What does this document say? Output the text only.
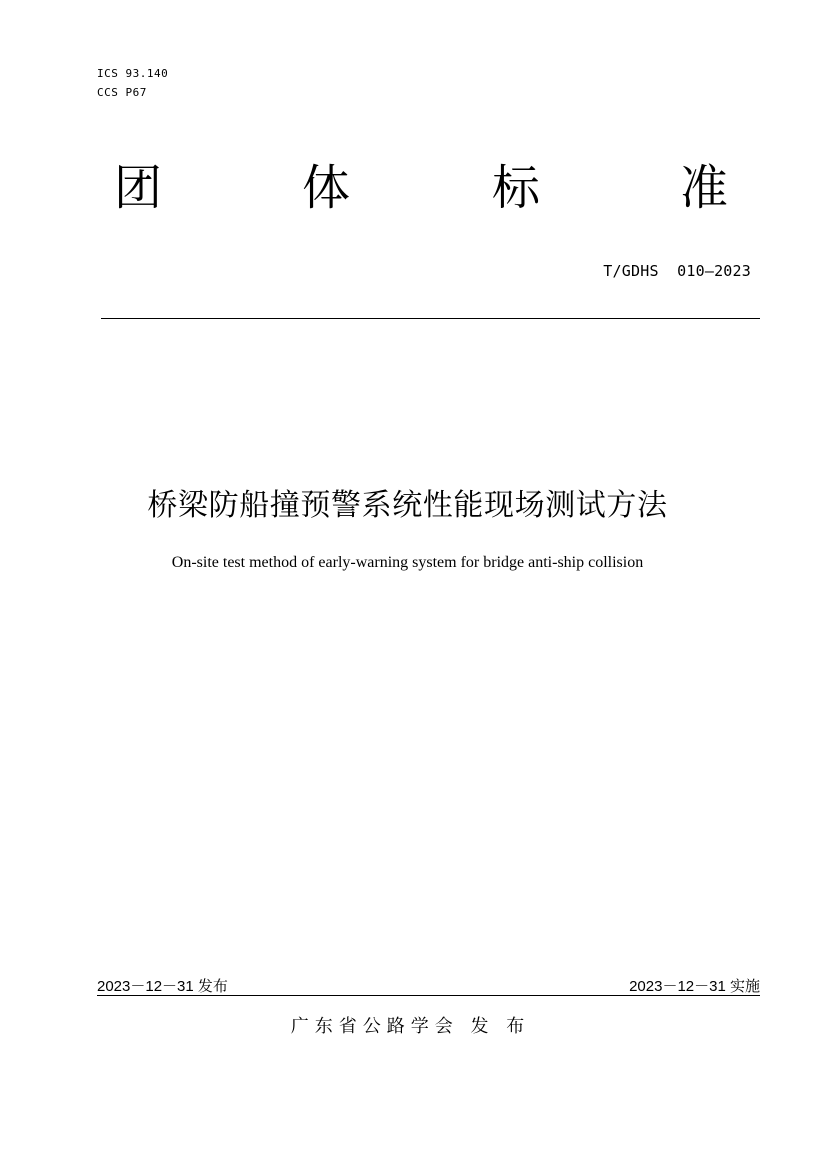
ICS 93.140
CCS P67
团	体	标	准
T/GDHS  010—2023
桥梁防船撞预警系统性能现场测试方法
On-site test method of early-warning system for bridge anti-ship collision
2023－12－31 发布	2023－12－31 实施
广东省公路学会 发 布
